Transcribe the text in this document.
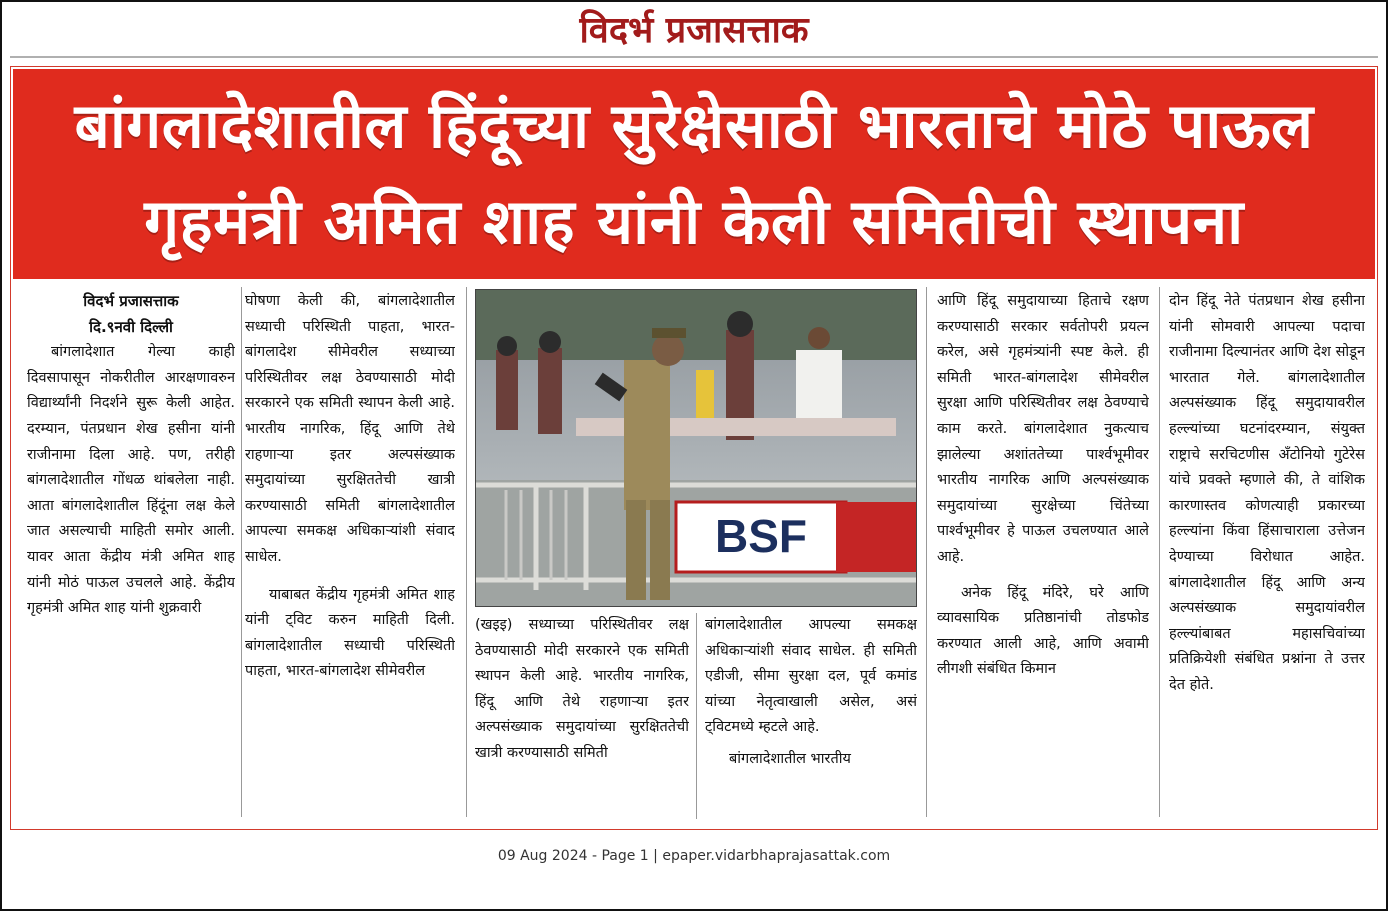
विदर्भ प्रजासत्ताक
बांगलादेशातील हिंदूंच्या सुरेक्षेसाठी भारताचे मोठे पाऊल
गृहमंत्री अमित शाह यांनी केली समितीची स्थापना
विदर्भ प्रजासत्ताक
दि.९नवी दिल्ली

बांगलादेशात गेल्या काही दिवसापासून नोकरीतील आरक्षणावरुन विद्यार्थ्यांनी निदर्शने सुरू केली आहेत. दरम्यान, पंतप्रधान शेख हसीना यांनी राजीनामा दिला आहे. पण, तरीही बांगलादेशातील गोंधळ थांबलेला नाही. आता बांगलादेशातील हिंदूंना लक्ष केले जात असल्याची माहिती समोर आली. यावर आता केंद्रीय मंत्री अमित शाह यांनी मोठं पाऊल उचलले आहे. केंद्रीय गृहमंत्री अमित शाह यांनी शुक्रवारी

घोषणा केली की, बांगलादेशातील सध्याची परिस्थिती पाहता, भारत-बांगलादेश सीमेवरील सध्याच्या परिस्थितीवर लक्ष ठेवण्यासाठी मोदी सरकारने एक समिती स्थापन केली आहे. भारतीय नागरिक, हिंदू आणि तेथे राहणाऱ्या इतर अल्पसंख्याक समुदायांच्या सुरक्षिततेची खात्री करण्यासाठी समिती बांगलादेशातील आपल्या समकक्ष अधिकाऱ्यांशी संवाद साधेल.

याबाबत केंद्रीय गृहमंत्री अमित शाह यांनी ट्विट करुन माहिती दिली. बांगलादेशातील सध्याची परिस्थिती पाहता, भारत-बांगलादेश सीमेवरील

BSF

(खइइ) सध्याच्या परिस्थितीवर लक्ष ठेवण्यासाठी मोदी सरकारने एक समिती स्थापन केली आहे. भारतीय नागरिक, हिंदू आणि तेथे राहणाऱ्या इतर अल्पसंख्याक समुदायांच्या सुरक्षिततेची खात्री करण्यासाठी समिती

बांगलादेशातील आपल्या समकक्ष अधिकाऱ्यांशी संवाद साधेल. ही समिती एडीजी, सीमा सुरक्षा दल, पूर्व कमांड यांच्या नेतृत्वाखाली असेल, असं ट्विटमध्ये म्हटले आहे.

बांगलादेशातील भारतीय

आणि हिंदू समुदायाच्या हिताचे रक्षण करण्यासाठी सरकार सर्वतोपरी प्रयत्न करेल, असे गृहमंत्र्यांनी स्पष्ट केले. ही समिती भारत-बांगलादेश सीमेवरील सुरक्षा आणि परिस्थितीवर लक्ष ठेवण्याचे काम करते. बांगलादेशात नुकत्याच झालेल्या अशांततेच्या पार्श्वभूमीवर भारतीय नागरिक आणि अल्पसंख्याक समुदायांच्या सुरक्षेच्या चिंतेच्या पार्श्वभूमीवर हे पाऊल उचलण्यात आले आहे.

अनेक हिंदू मंदिरे, घरे आणि व्यावसायिक प्रतिष्ठानांची तोडफोड करण्यात आली आहे, आणि अवामी लीगशी संबंधित किमान

दोन हिंदू नेते पंतप्रधान शेख हसीना यांनी सोमवारी आपल्या पदाचा राजीनामा दिल्यानंतर आणि देश सोडून भारतात गेले. बांगलादेशातील अल्पसंख्याक हिंदू समुदायावरील हल्ल्यांच्या घटनांदरम्यान, संयुक्त राष्ट्राचे सरचिटणीस अँटोनियो गुटेरेस यांचे प्रवक्ते म्हणाले की, ते वांशिक कारणास्तव कोणत्याही प्रकारच्या हल्ल्यांना किंवा हिंसाचाराला उत्तेजन देण्याच्या विरोधात आहेत. बांगलादेशातील हिंदू आणि अन्य अल्पसंख्याक समुदायांवरील हल्ल्यांबाबत महासचिवांच्या प्रतिक्रियेशी संबंधित प्रश्नांना ते उत्तर देत होते.

09 Aug 2024 - Page 1 | epaper.vidarbhaprajasattak.com
